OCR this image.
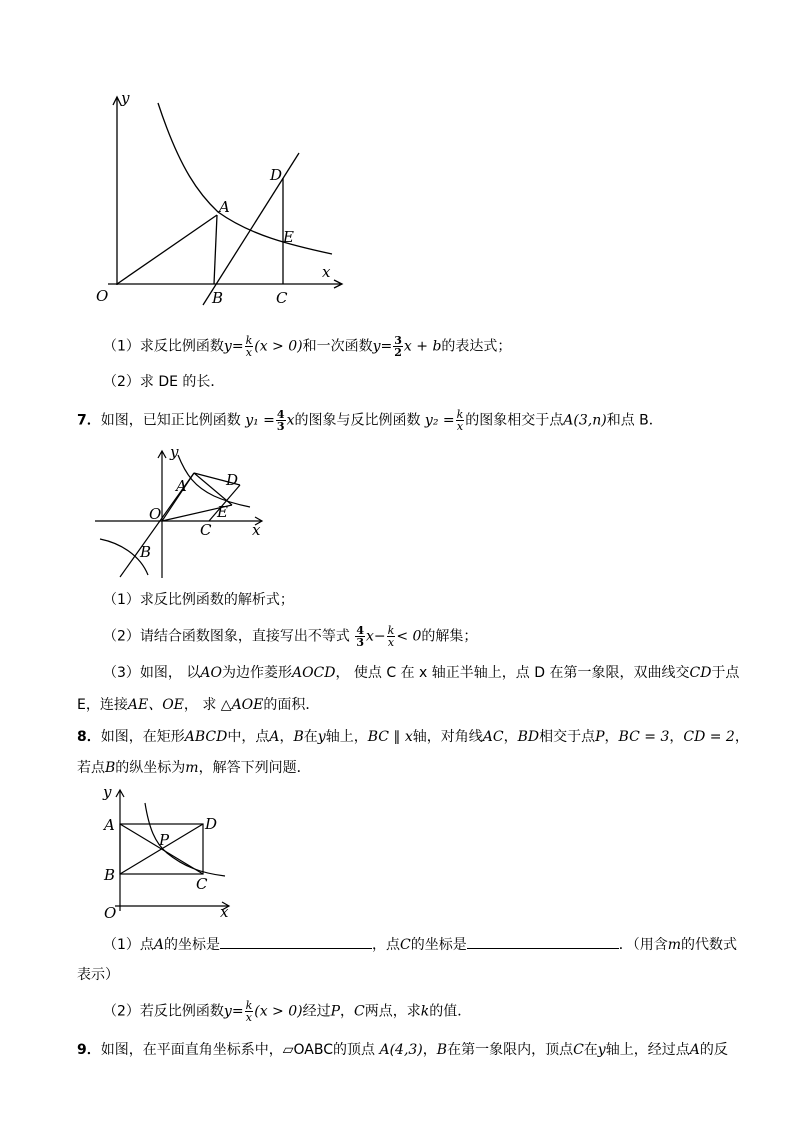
y
x
O
A
B	C
D
E
（1）求反比例函数$y= \frac{k}{x} (x > 0)$和一次函数$y= \frac{3}{2}$ x + b的表达式；
（2）求 DE 的长．
7．如图，已知正比例函数 $y_1 = \frac{4}{3}$ x的图象与反比例函数 $y_2 = \frac{k}{x}$ 的图象相交于点A(3,n)和点 B．
y
x
O
A
B
C
D
E
（1）求反比例函数的解析式；
（2）请结合函数图象，直接写出不等式 $\frac{4}{3} x- \frac{k}{x} < 0$的解集；
（3）如图， 以AO为边作菱形AOCD， 使点 C 在 x 轴正半轴上，点 D 在第一象限，双曲线交CD于点
E，连接AE、OE， 求 △AOE的面积．
8．如图，在矩形ABCD中，点A，B在y轴上，BC ∥ x轴，对角线AC，BD相交于点P，BC = 3，CD = 2，
若点B的纵坐标为m，解答下列问题．
y
x
O
A
B	C
D
P
（1）点A的坐标是	，点C的坐标是	．（用含m的代数式
表示）
（2）若反比例函数$y= \frac{k}{x} (x > 0)$经过P，C两点，求k的值．
9．如图，在平面直角坐标系中，▱OABC的顶点 A(4,3)，B在第一象限内，顶点C在y轴上，经过点A的反
